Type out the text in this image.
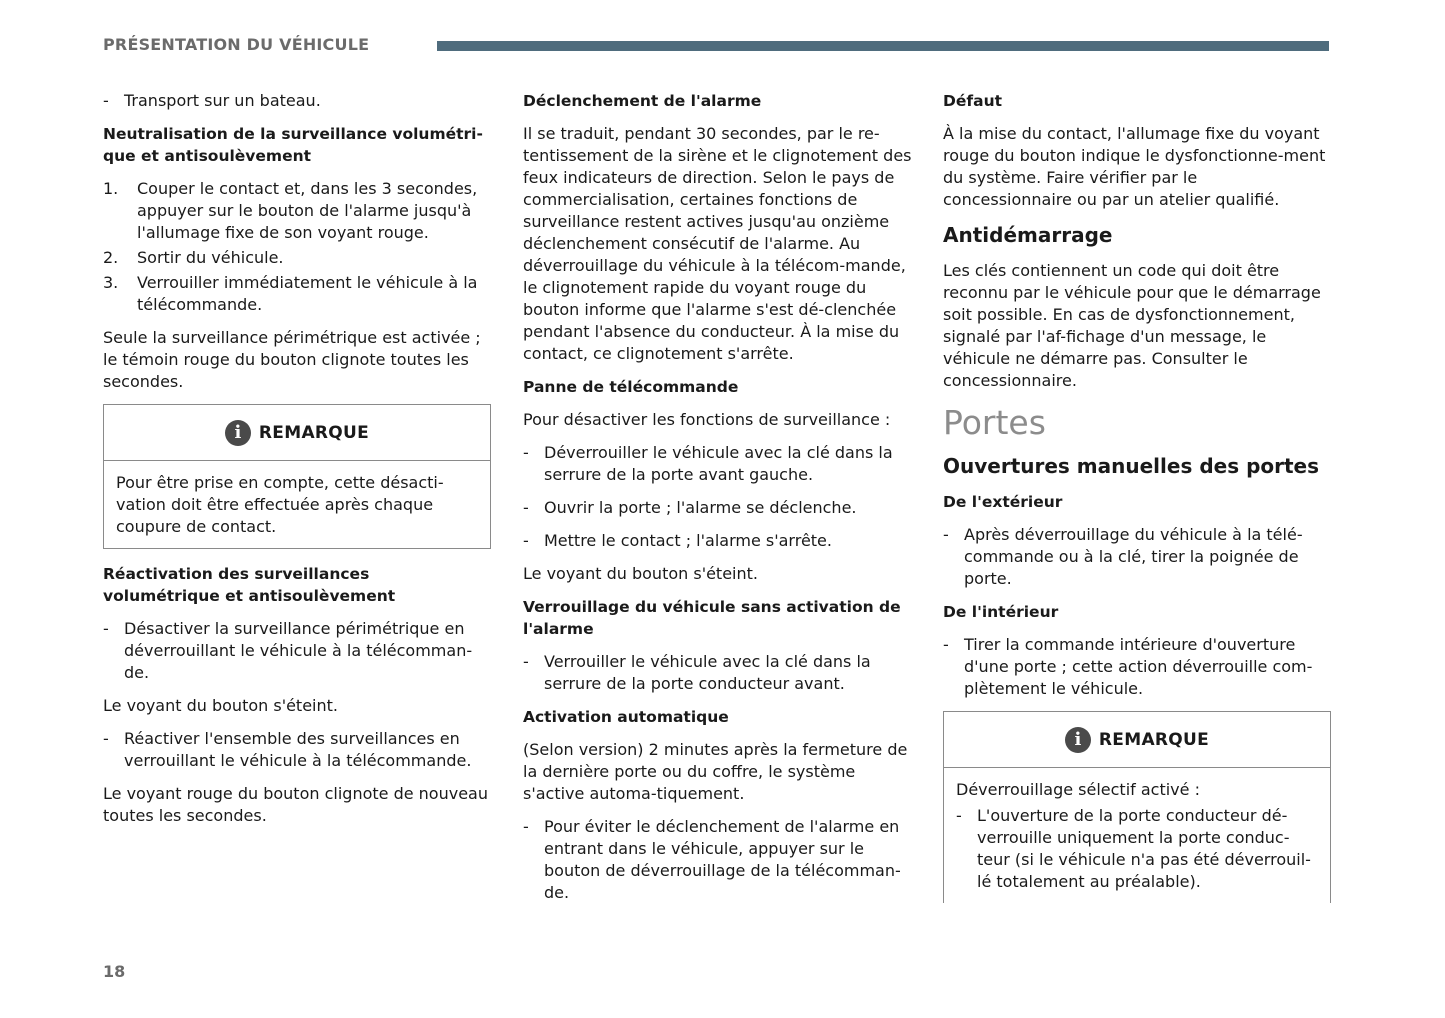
PRÉSENTATION DU VÉHICULE
- Transport sur un bateau.
Neutralisation de la surveillance volumétri-que et antisoulèvement
1. Couper le contact et, dans les 3 secondes, appuyer sur le bouton de l'alarme jusqu'à l'allumage fixe de son voyant rouge.
2. Sortir du véhicule.
3. Verrouiller immédiatement le véhicule à la télécommande.

Seule la surveillance périmétrique est activée ; le témoin rouge du bouton clignote toutes les secondes.

i	REMARQUE

Pour être prise en compte, cette désacti-vation doit être effectuée après chaque coupure de contact.

Réactivation des surveillances volumétrique et antisoulèvement
- Désactiver la surveillance périmétrique en déverrouillant le véhicule à la télécomman-de.

Le voyant du bouton s'éteint.

- Réactiver l'ensemble des surveillances en verrouillant le véhicule à la télécommande.

Le voyant rouge du bouton clignote de nouveau toutes les secondes.

Déclenchement de l'alarme

Il se traduit, pendant 30 secondes, par le re-tentissement de la sirène et le clignotement des feux indicateurs de direction. Selon le pays de commercialisation, certaines fonctions de surveillance restent actives jusqu'au onzième déclenchement consécutif de l'alarme. Au déverrouillage du véhicule à la télécom-mande, le clignotement rapide du voyant rouge du bouton informe que l'alarme s'est dé-clenchée pendant l'absence du conducteur. À la mise du contact, ce clignotement s'arrête.

Panne de télécommande

Pour désactiver les fonctions de surveillance :

- Déverrouiller le véhicule avec la clé dans la serrure de la porte avant gauche.
- Ouvrir la porte ; l'alarme se déclenche.
- Mettre le contact ; l'alarme s'arrête.

Le voyant du bouton s'éteint.

Verrouillage du véhicule sans activation de l'alarme
- Verrouiller le véhicule avec la clé dans la serrure de la porte conducteur avant.
Activation automatique

(Selon version) 2 minutes après la fermeture de la dernière porte ou du coffre, le système s'active automa-tiquement.

- Pour éviter le déclenchement de l'alarme en entrant dans le véhicule, appuyer sur le bouton de déverrouillage de la télécomman-de.
Défaut

À la mise du contact, l'allumage fixe du voyant rouge du bouton indique le dysfonctionne-ment du système. Faire vérifier par le concessionnaire ou par un atelier qualifié.

Antidémarrage

Les clés contiennent un code qui doit être reconnu par le véhicule pour que le démarrage soit possible. En cas de dysfonctionnement, signalé par l'af-fichage d'un message, le véhicule ne démarre pas. Consulter le concessionnaire.

Portes
Ouvertures manuelles des portes
De l'extérieur
- Après déverrouillage du véhicule à la télé-commande ou à la clé, tirer la poignée de porte.
De l'intérieur
- Tirer la commande intérieure d'ouverture d'une porte ; cette action déverrouille com-plètement le véhicule.
i	REMARQUE

Déverrouillage sélectif activé :

- L'ouverture de la porte conducteur dé-verrouille uniquement la porte conduc-teur (si le véhicule n'a pas été déverrouil-lé totalement au préalable).
18
